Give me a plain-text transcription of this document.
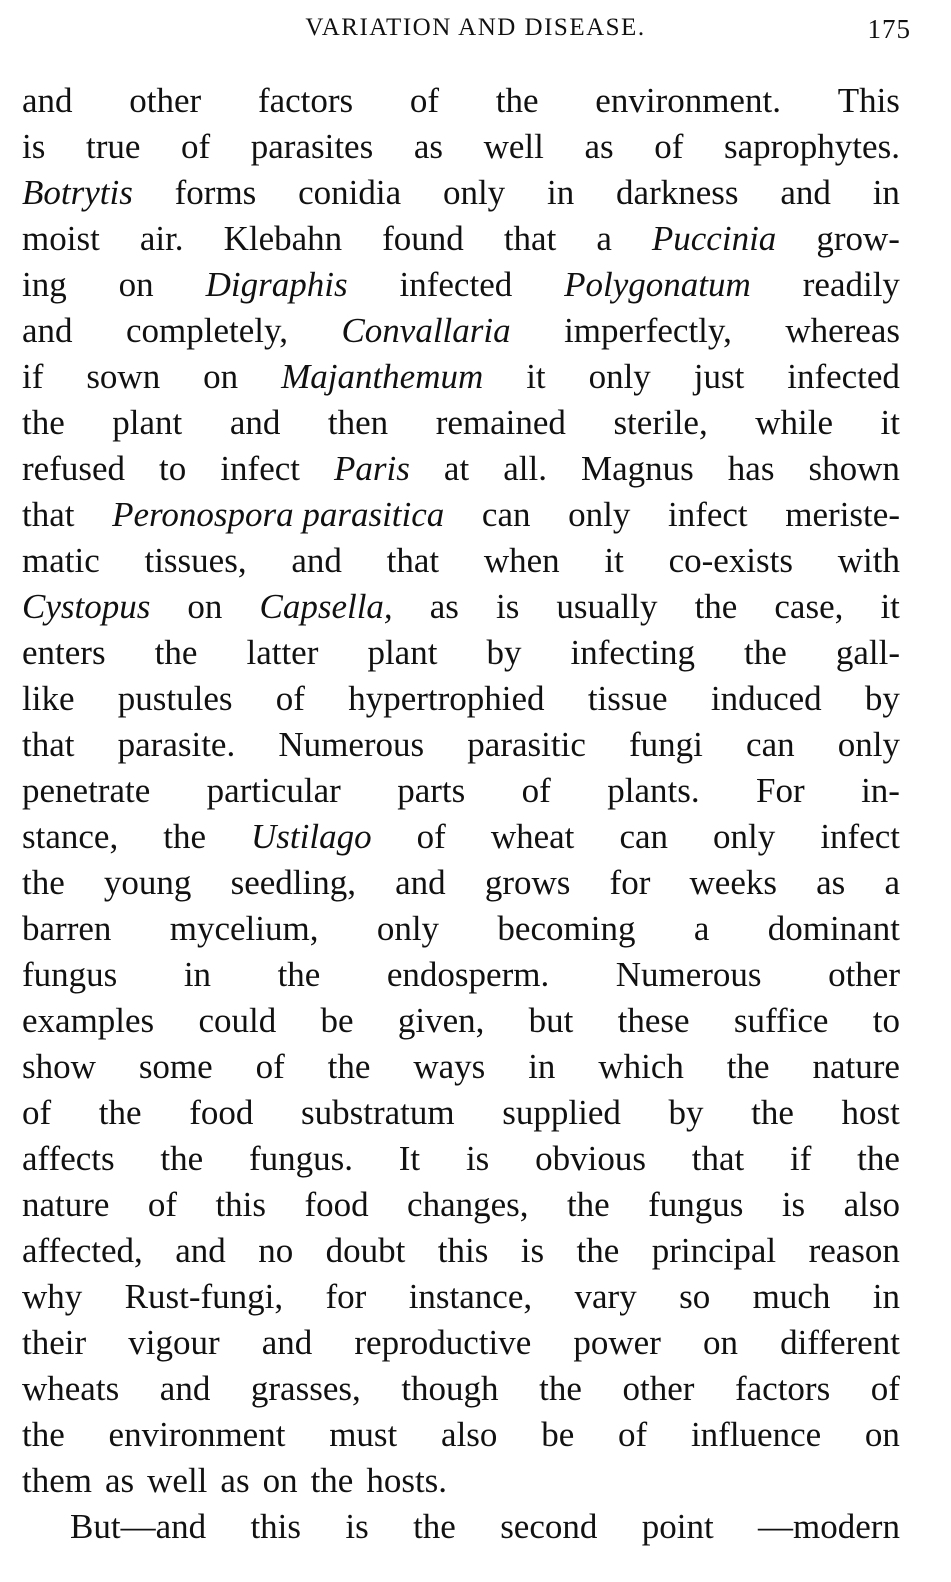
VARIATION AND DISEASE.	175
and other factors of the environment. This
is true of parasites as well as of saprophytes.
Botrytis forms conidia only in darkness and in
moist air. Klebahn found that a Puccinia grow-
ing on Digraphis infected Polygonatum readily
and completely, Convallaria imperfectly, whereas
if sown on Majanthemum it only just infected
the plant and then remained sterile, while it
refused to infect Paris at all. Magnus has shown
that Peronospora parasitica can only infect meriste-
matic tissues, and that when it co-exists with
Cystopus on Capsella, as is usually the case, it
enters the latter plant by infecting the gall-
like pustules of hypertrophied tissue induced by
that parasite. Numerous parasitic fungi can only
penetrate particular parts of plants. For in-
stance, the Ustilago of wheat can only infect
the young seedling, and grows for weeks as a
barren mycelium, only becoming a dominant
fungus in the endosperm. Numerous other
examples could be given, but these suffice to
show some of the ways in which the nature
of the food substratum supplied by the host
affects the fungus. It is obvious that if the
nature of this food changes, the fungus is also
affected, and no doubt this is the principal reason
why Rust-fungi, for instance, vary so much in
their vigour and reproductive power on different
wheats and grasses, though the other factors of
the environment must also be of influence on
them as well as on the hosts.
But—and this is the second point —modern
